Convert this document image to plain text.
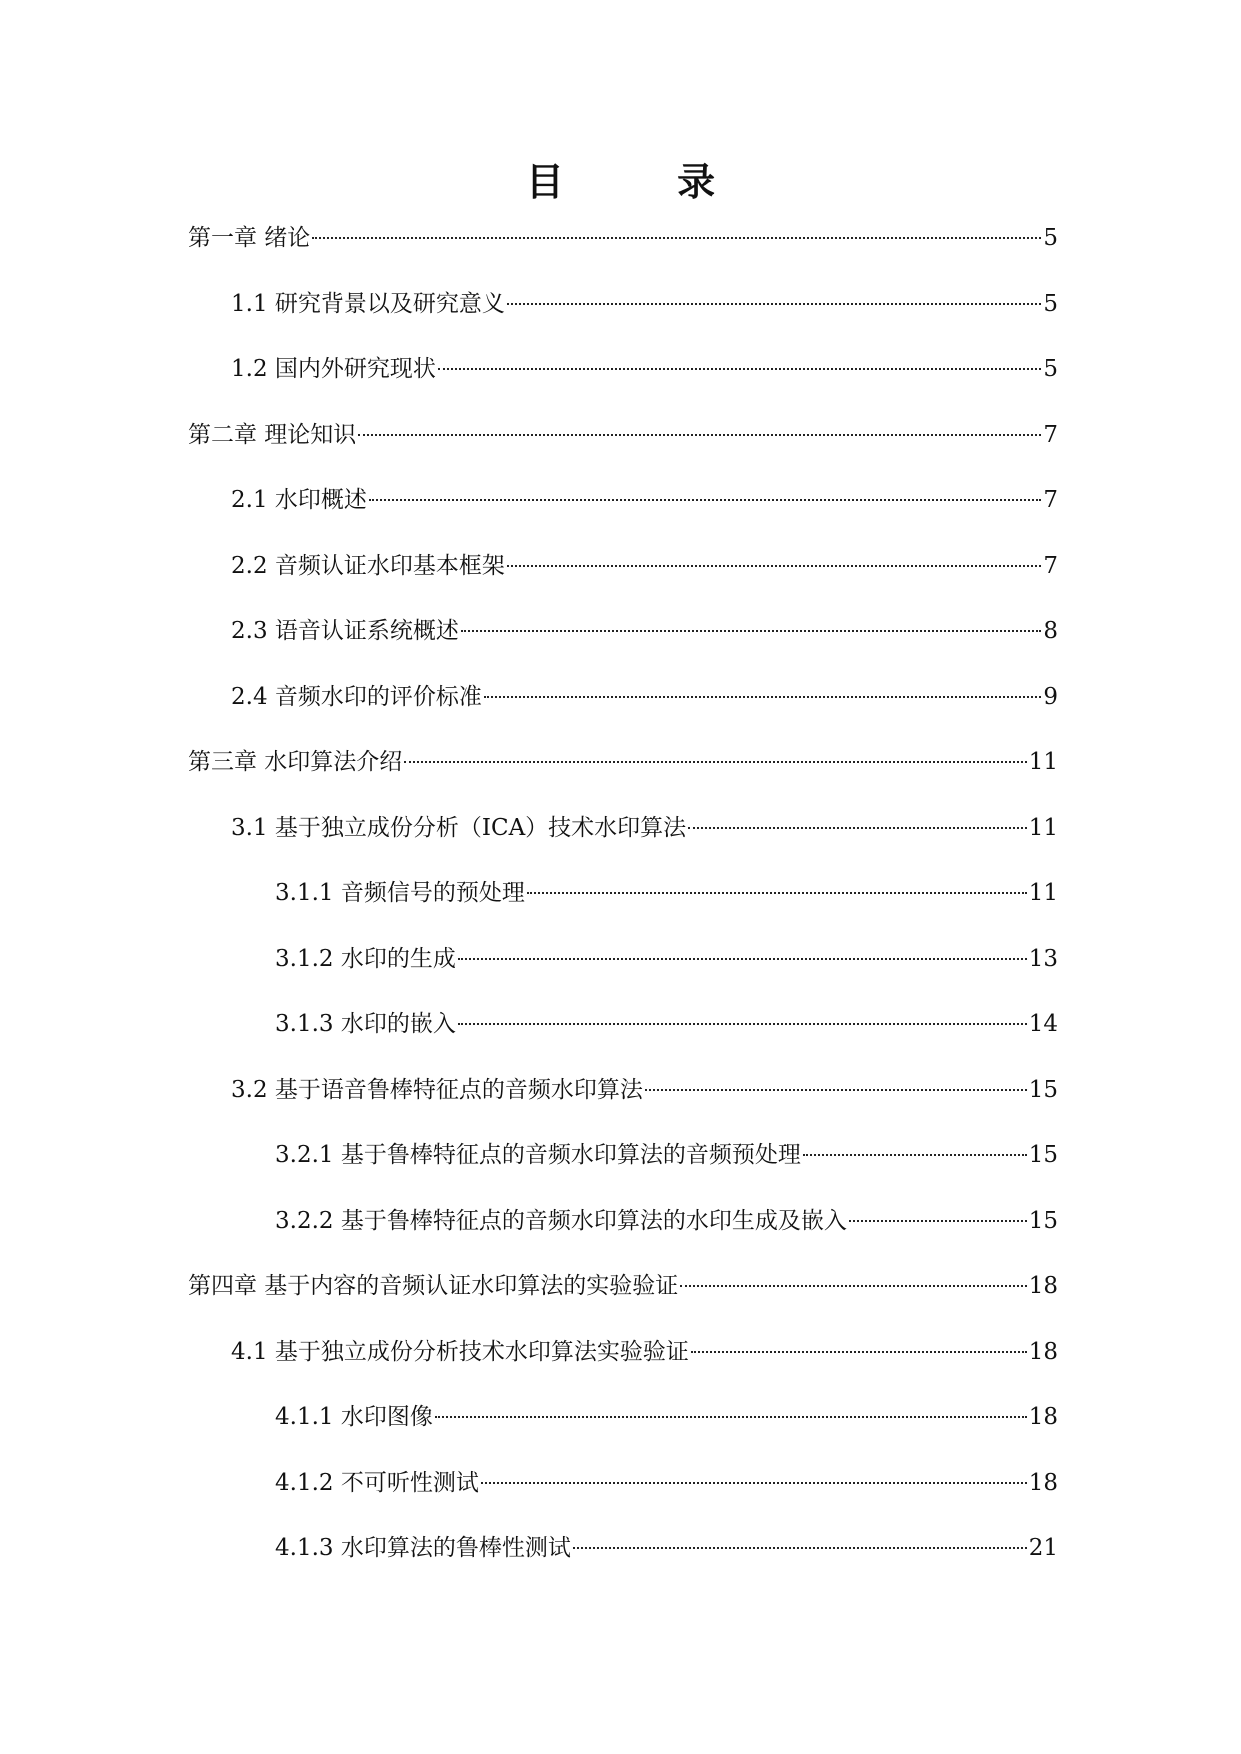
目 录
第一章 绪论	5
1.1 研究背景以及研究意义	5
1.2 国内外研究现状	5
第二章 理论知识	7
2.1 水印概述	7
2.2 音频认证水印基本框架	7
2.3 语音认证系统概述	8
2.4 音频水印的评价标准	9
第三章 水印算法介绍	11
3.1 基于独立成份分析（ICA）技术水印算法	11
3.1.1 音频信号的预处理	11
3.1.2 水印的生成	13
3.1.3 水印的嵌入	14
3.2 基于语音鲁棒特征点的音频水印算法	15
3.2.1 基于鲁棒特征点的音频水印算法的音频预处理	15
3.2.2 基于鲁棒特征点的音频水印算法的水印生成及嵌入	15
第四章 基于内容的音频认证水印算法的实验验证	18
4.1 基于独立成份分析技术水印算法实验验证	18
4.1.1 水印图像	18
4.1.2 不可听性测试	18
4.1.3 水印算法的鲁棒性测试	21
